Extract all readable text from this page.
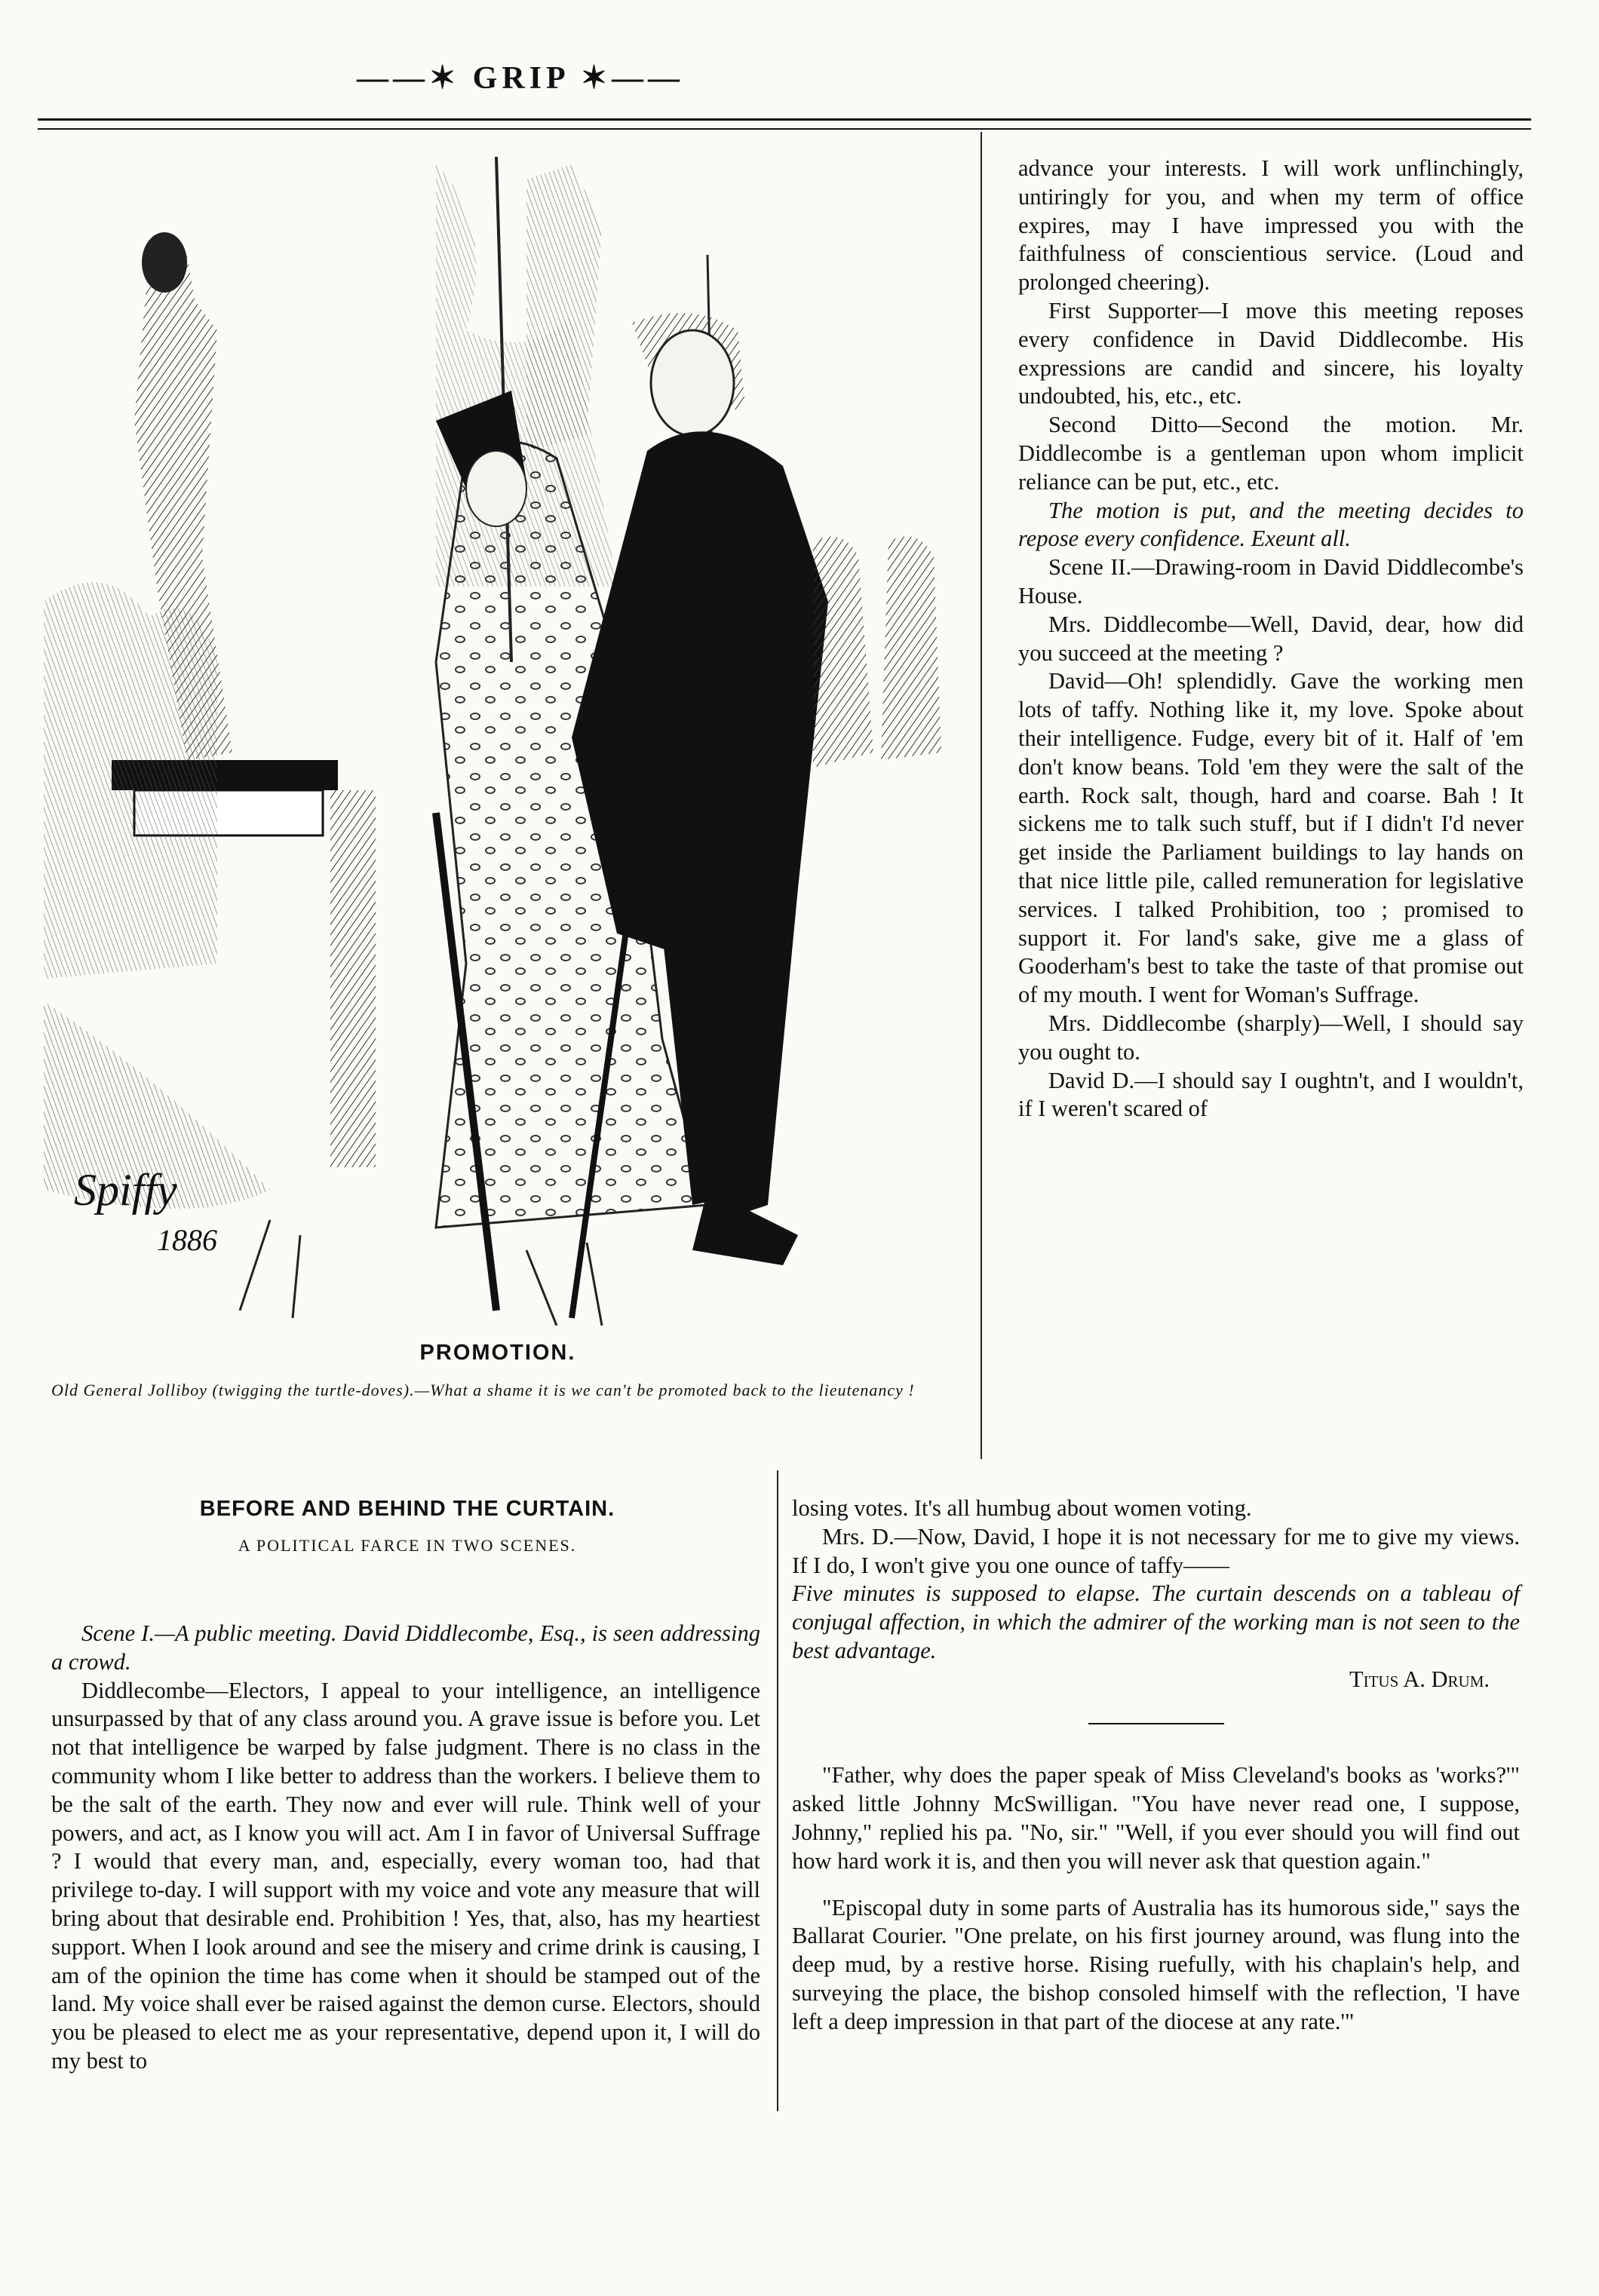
——✶ GRIP ✶——
Spiffy
1886
PROMOTION.
Old General Jolliboy (twigging the turtle-doves).—What a shame it is we can't be promoted back to the lieutenancy !

advance your interests. I will work unflinchingly, untiringly for you, and when my term of office expires, may I have impressed you with the faithfulness of conscientious service. (Loud and prolonged cheering).

First Supporter—I move this meeting reposes every confidence in David Diddlecombe. His expressions are candid and sincere, his loyalty undoubted, his, etc., etc.

Second Ditto—Second the motion. Mr. Diddlecombe is a gentleman upon whom implicit reliance can be put, etc., etc.

The motion is put, and the meeting decides to repose every confidence. Exeunt all.

Scene II.—Drawing-room in David Diddlecombe's House.

Mrs. Diddlecombe—Well, David, dear, how did you succeed at the meeting ?

David—Oh! splendidly. Gave the working men lots of taffy. Nothing like it, my love. Spoke about their intelligence. Fudge, every bit of it. Half of 'em don't know beans. Told 'em they were the salt of the earth. Rock salt, though, hard and coarse. Bah ! It sickens me to talk such stuff, but if I didn't I'd never get inside the Parliament buildings to lay hands on that nice little pile, called remuneration for legislative services. I talked Prohibition, too ; promised to support it. For land's sake, give me a glass of Gooderham's best to take the taste of that promise out of my mouth. I went for Woman's Suffrage.

Mrs. Diddlecombe (sharply)—Well, I should say you ought to.

David D.—I should say I oughtn't, and I wouldn't, if I weren't scared of

BEFORE AND BEHIND THE CURTAIN.
A POLITICAL FARCE IN TWO SCENES.

Scene I.—A public meeting. David Diddlecombe, Esq., is seen addressing a crowd.

Diddlecombe—Electors, I appeal to your intelligence, an intelligence unsurpassed by that of any class around you. A grave issue is before you. Let not that intelligence be warped by false judgment. There is no class in the community whom I like better to address than the workers. I believe them to be the salt of the earth. They now and ever will rule. Think well of your powers, and act, as I know you will act. Am I in favor of Universal Suffrage ? I would that every man, and, especially, every woman too, had that privilege to-day. I will support with my voice and vote any measure that will bring about that desirable end. Prohibition ! Yes, that, also, has my heartiest support. When I look around and see the misery and crime drink is causing, I am of the opinion the time has come when it should be stamped out of the land. My voice shall ever be raised against the demon curse. Electors, should you be pleased to elect me as your representative, depend upon it, I will do my best to

losing votes. It's all humbug about women voting.

Mrs. D.—Now, David, I hope it is not necessary for me to give my views. If I do, I won't give you one ounce of taffy——

Five minutes is supposed to elapse. The curtain descends on a tableau of conjugal affection, in which the admirer of the working man is not seen to the best advantage.

Titus A. Drum.

"Father, why does the paper speak of Miss Cleveland's books as 'works?'" asked little Johnny McSwilligan. "You have never read one, I suppose, Johnny," replied his pa. "No, sir." "Well, if you ever should you will find out how hard work it is, and then you will never ask that question again."

"Episcopal duty in some parts of Australia has its humorous side," says the Ballarat Courier. "One prelate, on his first journey around, was flung into the deep mud, by a restive horse. Rising ruefully, with his chaplain's help, and surveying the place, the bishop consoled himself with the reflection, 'I have left a deep impression in that part of the diocese at any rate.'"
